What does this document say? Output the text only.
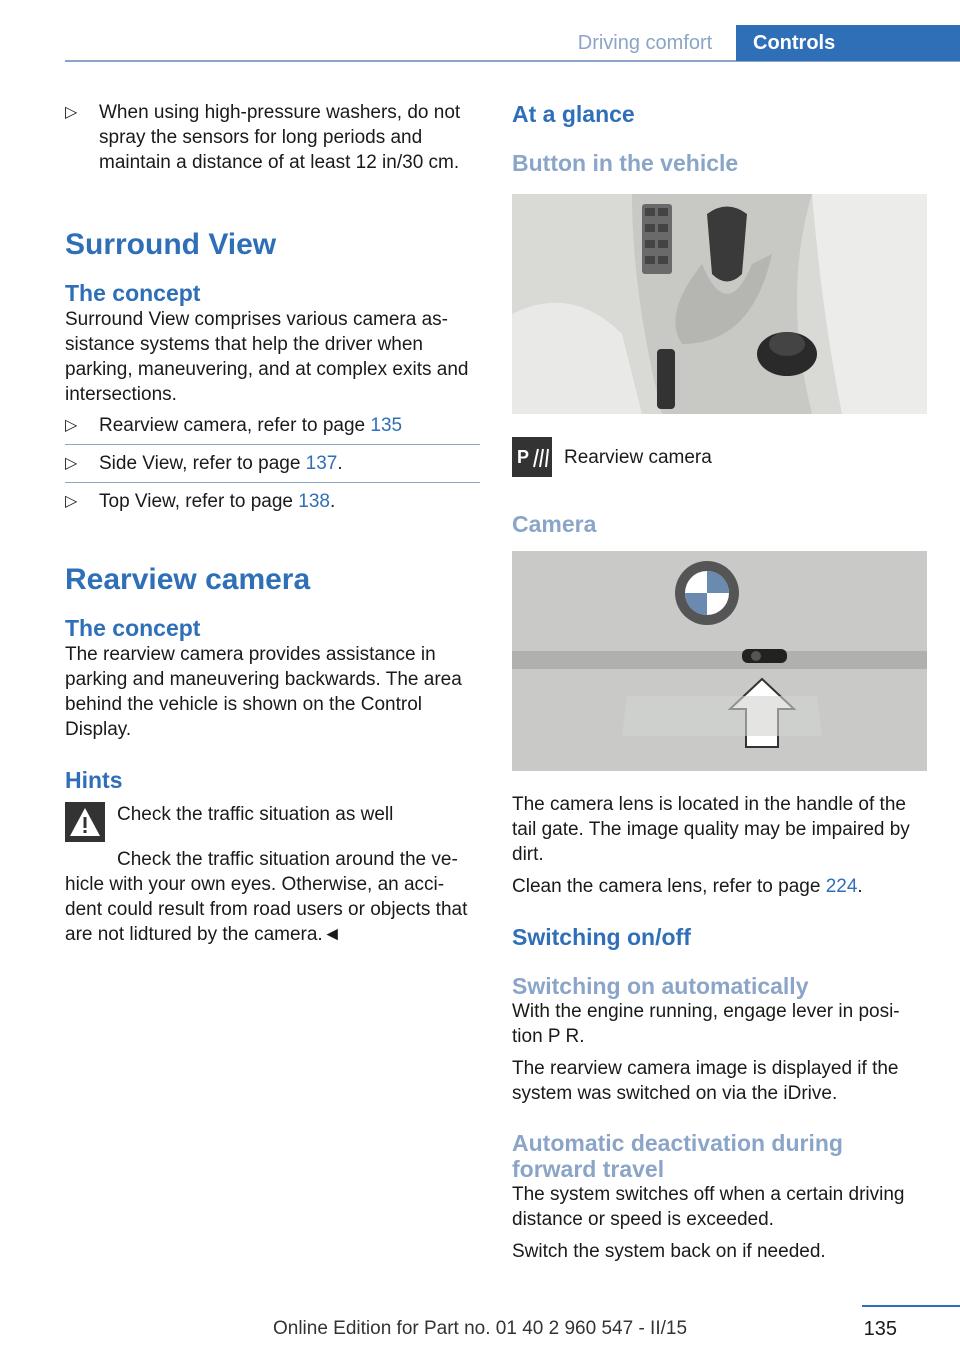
Driving comfort	Controls
▷ When using high-pressure washers, do not spray the sensors for long periods and maintain a distance of at least 12 in/30 cm.
Surround View
The concept

Surround View comprises various camera as-sistance systems that help the driver when parking, maneuvering, and at complex exits and intersections.

▷ Rearview camera, refer to page 135
▷ Side View, refer to page 137.
▷ Top View, refer to page 138.
Rearview camera
The concept

The rearview camera provides assistance in parking and maneuvering backwards. The area behind the vehicle is shown on the Control Display.

Hints

Check the traffic situation as well

Check the traffic situation around the ve-hicle with your own eyes. Otherwise, an acci-dent could result from road users or objects that are not lidtured by the camera.◄

At a glance
Button in the vehicle
P Rearview camera

Camera

The camera lens is located in the handle of the tail gate. The image quality may be impaired by dirt.

Clean the camera lens, refer to page 224.

Switching on/off
Switching on automatically

With the engine running, engage lever in posi-tion P R.

The rearview camera image is displayed if the system was switched on via the iDrive.

Automatic deactivation during forward travel

The system switches off when a certain driving distance or speed is exceeded.

Switch the system back on if needed.

135
Online Edition for Part no. 01 40 2 960 547 - II/15
